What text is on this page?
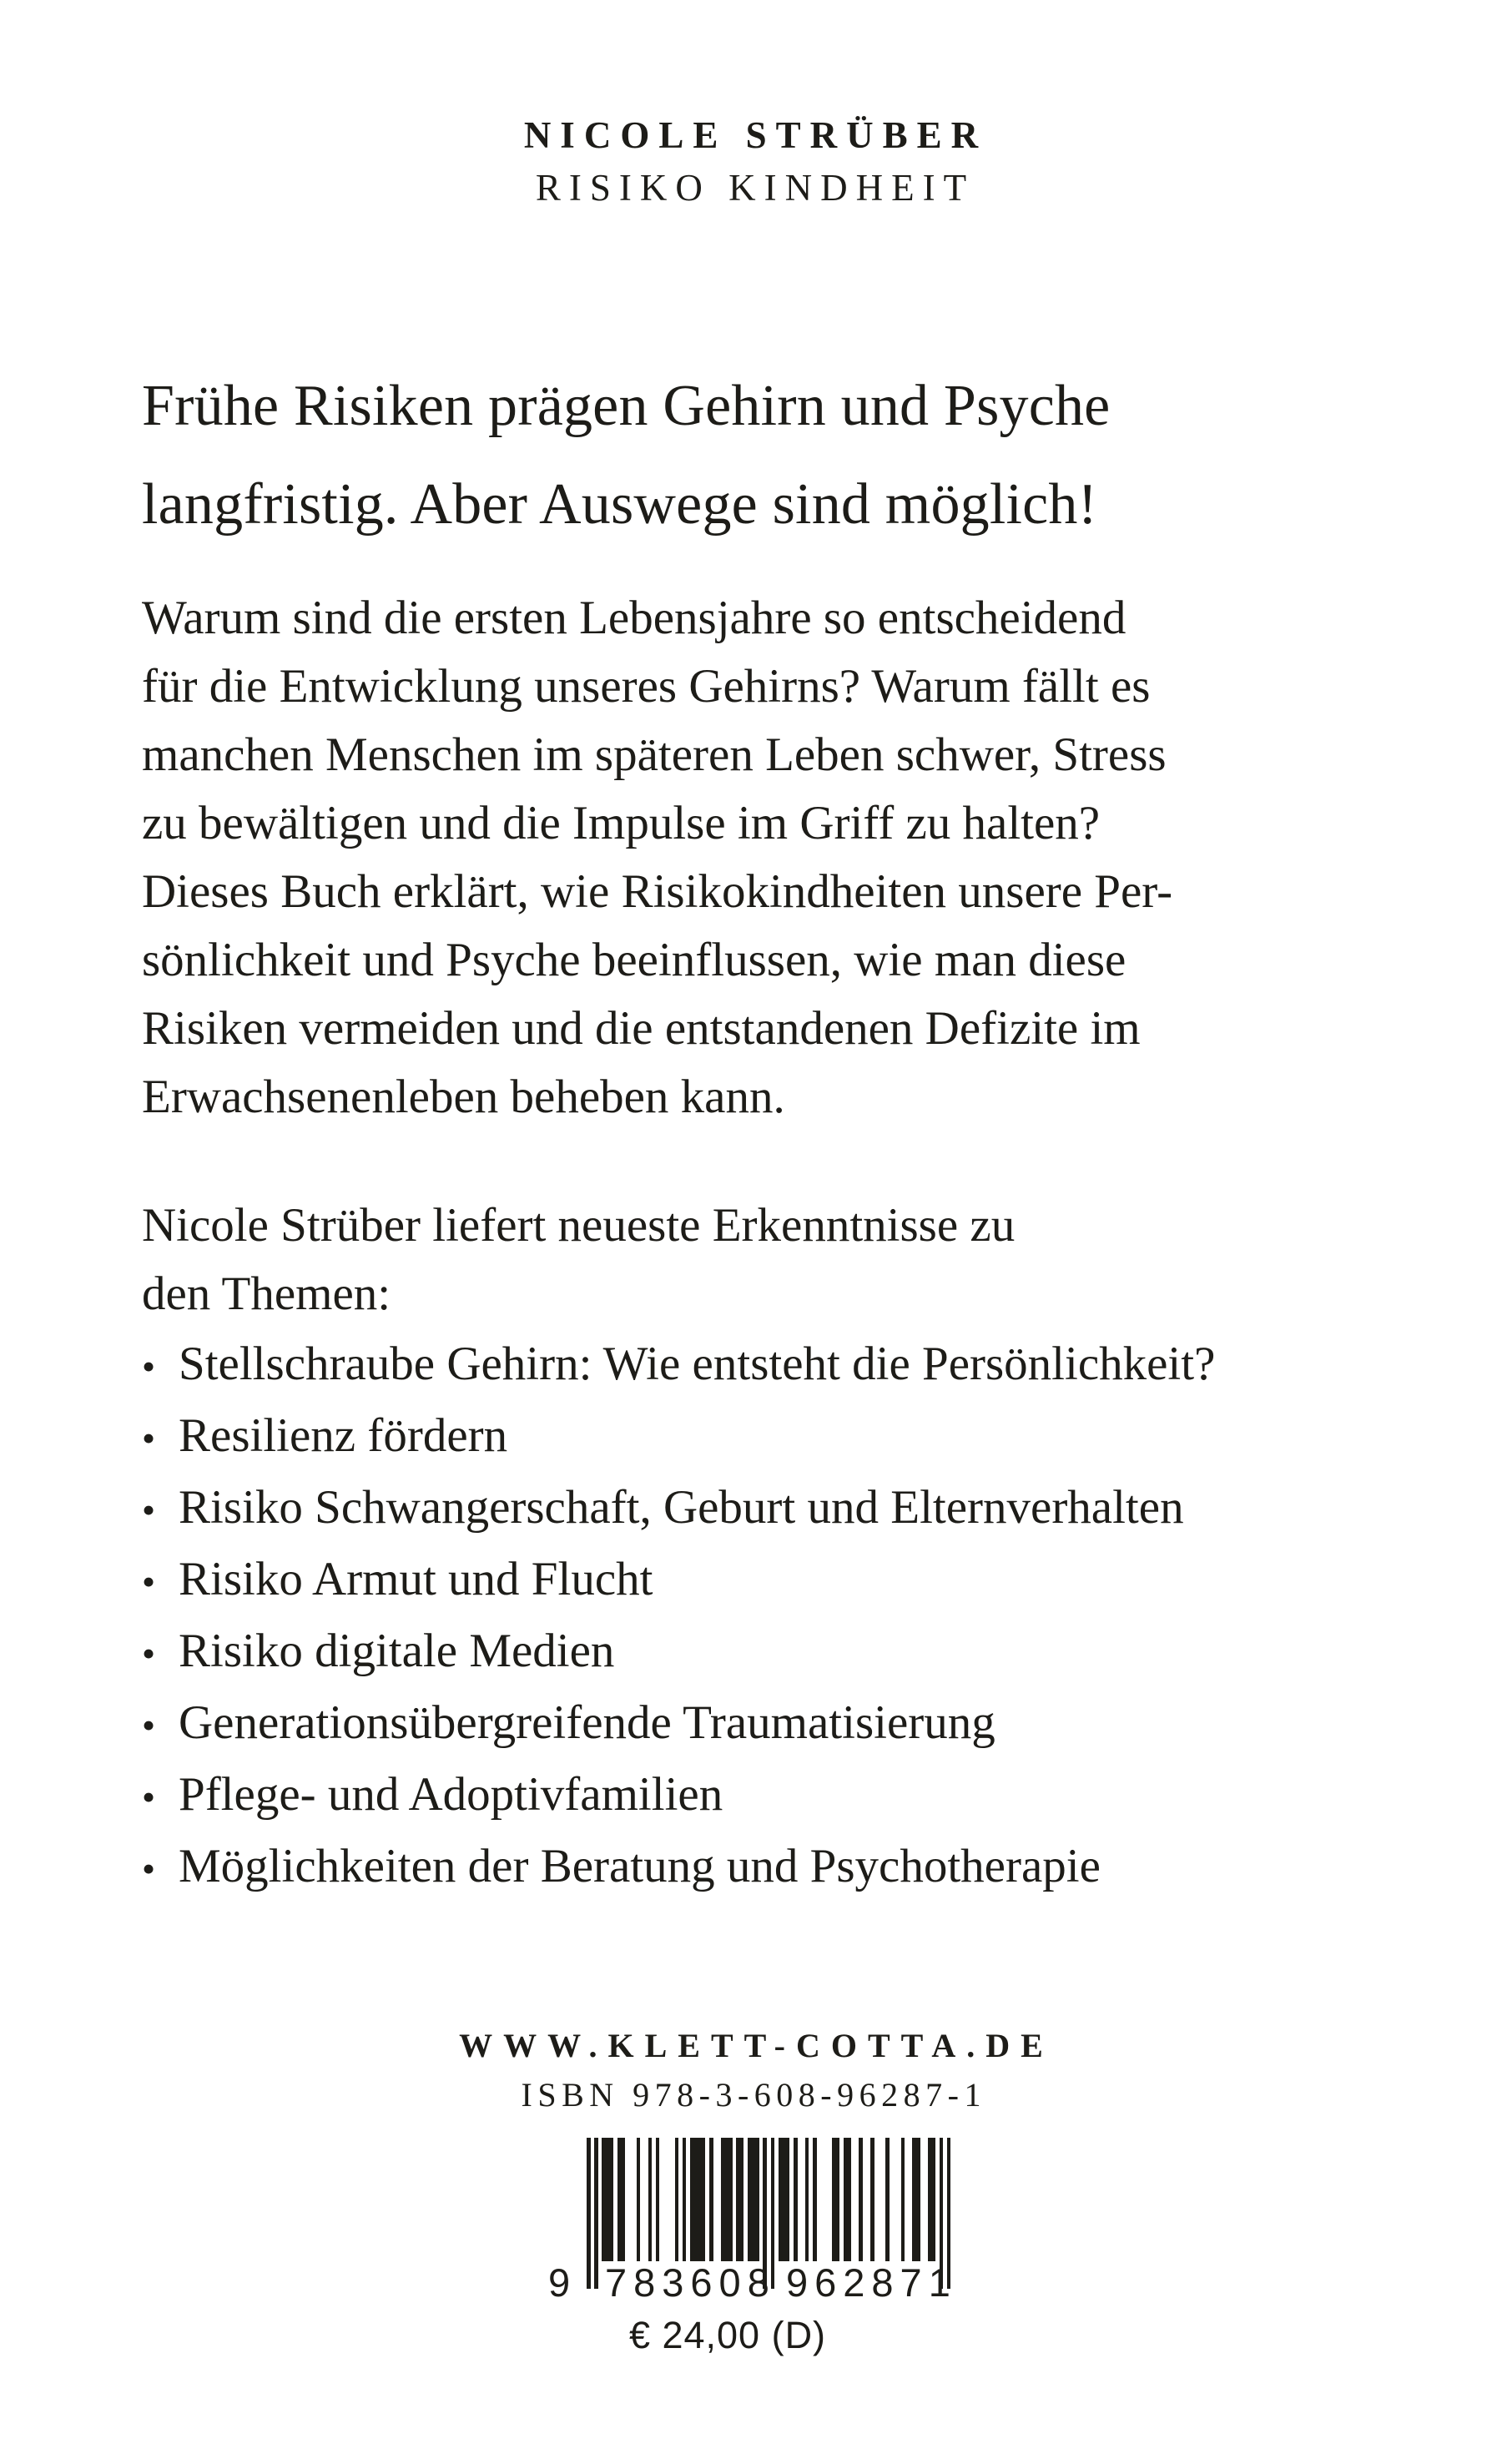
NICOLE STRÜBER
RISIKO KINDHEIT
Frühe Risiken prägen Gehirn und Psyche
langfristig. Aber Auswege sind möglich!
Warum sind die ersten Lebensjahre so entscheidend
für die Entwicklung unseres Gehirns? Warum fällt es
manchen Menschen im späteren Leben schwer, Stress
zu bewältigen und die Impulse im Griff zu halten?
Dieses Buch erklärt, wie Risikokindheiten unsere Per-
sönlichkeit und Psyche beeinflussen, wie man diese
Risiken vermeiden und die entstandenen Defizite im
Erwachsenenleben beheben kann.
Nicole Strüber liefert neueste Erkenntnisse zu
den Themen:
• Stellschraube Gehirn: Wie entsteht die Persönlichkeit?
• Resilienz fördern
• Risiko Schwangerschaft, Geburt und Elternverhalten
• Risiko Armut und Flucht
• Risiko digitale Medien
• Generationsübergreifende Traumatisierung
• Pflege- und Adoptivfamilien
• Möglichkeiten der Beratung und Psychotherapie
WWW.KLETT-COTTA.DE
ISBN 978-3-608-96287-1
9 783608 962871
€ 24,00 (D)
